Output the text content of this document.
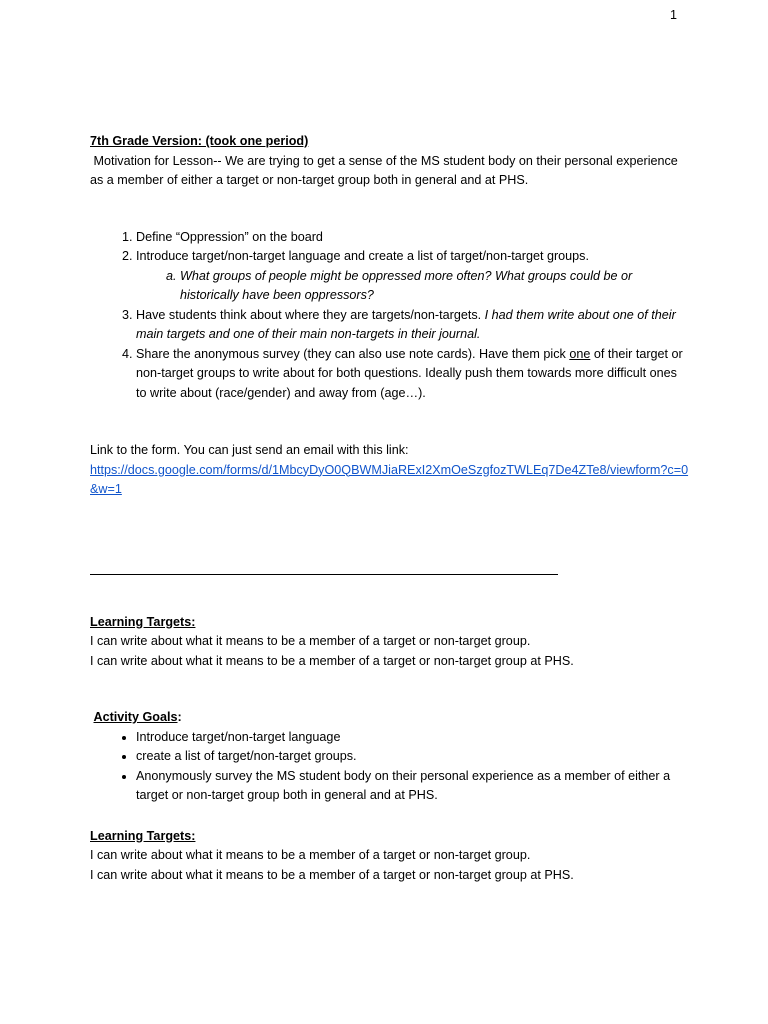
1

7th Grade Version: (took one period)

Motivation for Lesson-- We are trying to get a sense of the MS student body on their personal experience as a member of either a target or non-target group both in general and at PHS.

1. Define “Oppression” on the board
2. Introduce target/non-target language and create a list of target/non-target groups.
a. What groups of people might be oppressed more often? What groups could be or historically have been oppressors?
3. Have students think about where they are targets/non-targets. I had them write about one of their main targets and one of their main non-targets in their journal.
4. Share the anonymous survey (they can also use note cards). Have them pick one of their target or non-target groups to write about for both questions. Ideally push them towards more difficult ones to write about (race/gender) and away from (age…).

Link to the form. You can just send an email with this link:

https://docs.google.com/forms/d/1MbcyDyO0QBWMJiaRExI2XmOeSzgfozTWLEq7De4ZTe8/viewform?c=0&w=1

Learning Targets:

I can write about what it means to be a member of a target or non-target group.

I can write about what it means to be a member of a target or non-target group at PHS.

Activity Goals:

• Introduce target/non-target language
• create a list of target/non-target groups.
• Anonymously survey the MS student body on their personal experience as a member of either a target or non-target group both in general and at PHS.

Learning Targets:

I can write about what it means to be a member of a target or non-target group.

I can write about what it means to be a member of a target or non-target group at PHS.
